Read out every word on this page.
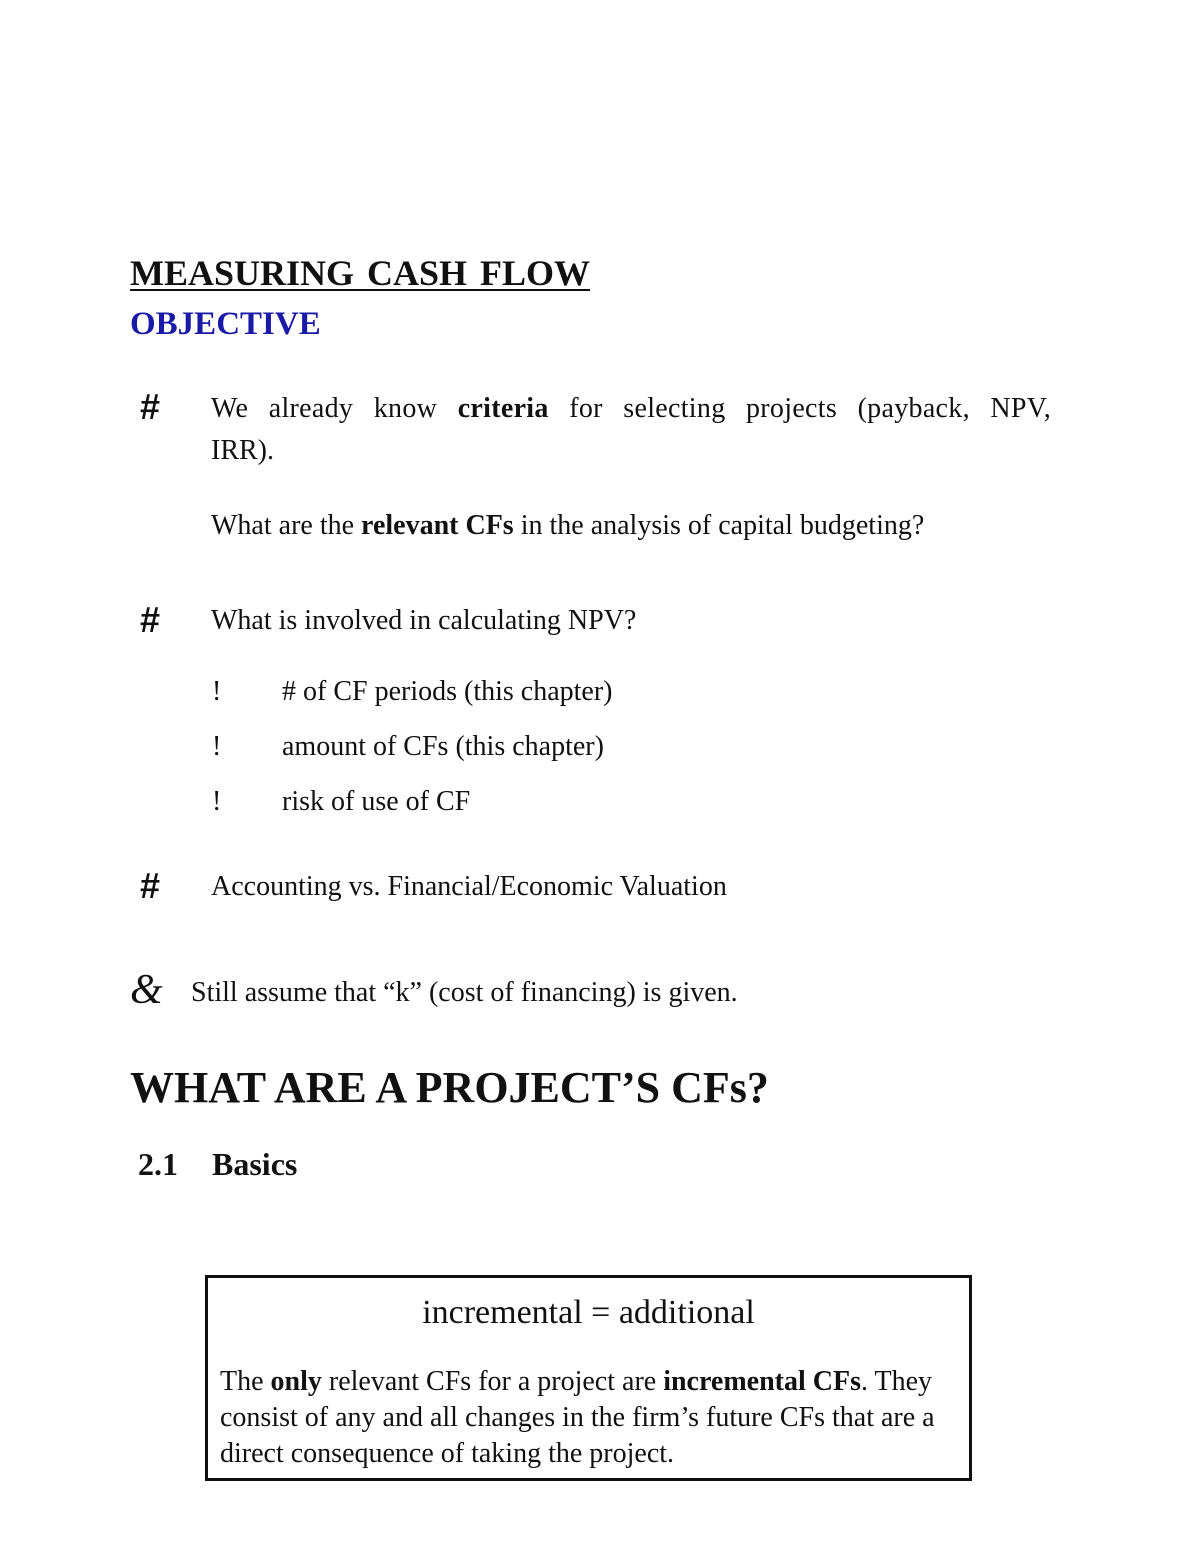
MEASURING CASH FLOW
OBJECTIVE
# We already know criteria for selecting projects (payback, NPV,
IRR).
What are the relevant CFs in the analysis of capital budgeting?
# What is involved in calculating NPV?
! # of CF periods (this chapter)
! amount of CFs (this chapter)
! risk of use of CF
# Accounting vs. Financial/Economic Valuation
& Still assume that “k” (cost of financing) is given.
WHAT ARE A PROJECT’S CFs?
2.1 Basics
incremental = additional
The only relevant CFs for a project are incremental CFs. They consist of any and all changes in the firm’s future CFs that are a direct consequence of taking the project.
